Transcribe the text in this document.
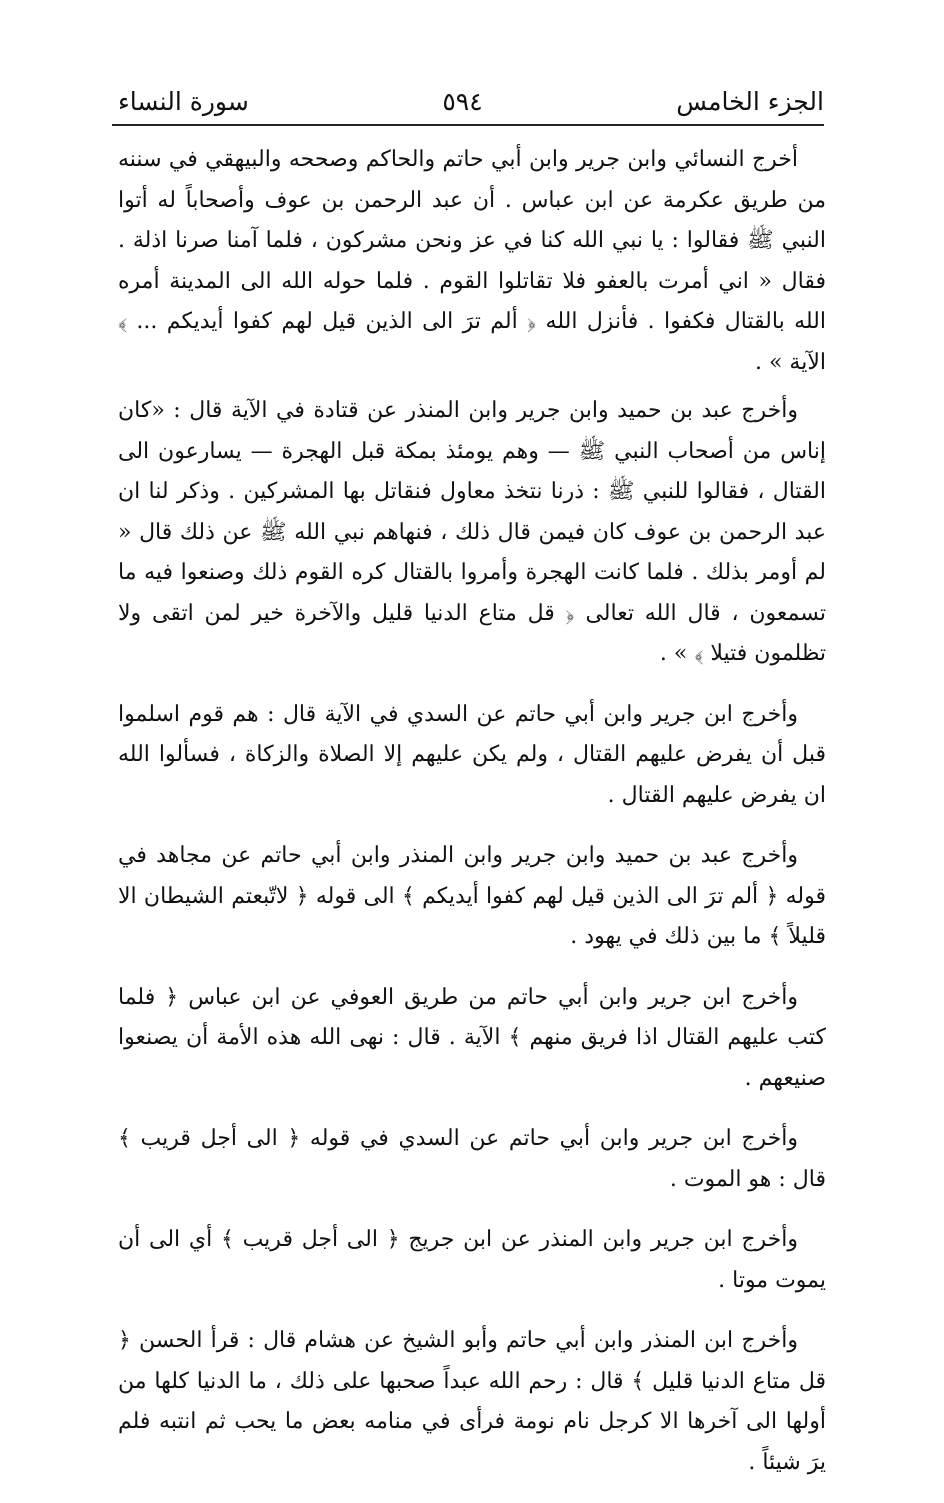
الجزء الخامس
٥٩٤
سورة النساء

أخرج النسائي وابن جرير وابن أبي حاتم والحاكم وصححه والبيهقي في سننه من طريق عكرمة عن ابن عباس . أن عبد الرحمن بن عوف وأصحاباً له أتوا النبي ﷺ فقالوا : يا نبي الله كنا في عز ونحن مشركون ، فلما آمنا صرنا اذلة . فقال « اني أمرت بالعفو فلا تقاتلوا القوم . فلما حوله الله الى المدينة أمره الله بالقتال فكفوا . فأنزل الله ﴿ ألم ترَ الى الذين قيل لهم كفوا أيديكم ... ﴾ الآية » .

وأخرج عبد بن حميد وابن جرير وابن المنذر عن قتادة في الآية قال : «كان إناس من أصحاب النبي ﷺ — وهم يومئذ بمكة قبل الهجرة — يسارعون الى القتال ، فقالوا للنبي ﷺ : ذرنا نتخذ معاول فنقاتل بها المشركين . وذكر لنا ان عبد الرحمن بن عوف كان فيمن قال ذلك ، فنهاهم نبي الله ﷺ عن ذلك قال « لم أومر بذلك . فلما كانت الهجرة وأمروا بالقتال كره القوم ذلك وصنعوا فيه ما تسمعون ، قال الله تعالى ﴿ قل متاع الدنيا قليل والآخرة خير لمن اتقى ولا تظلمون فتيلا ﴾ » .

وأخرج ابن جرير وابن أبي حاتم عن السدي في الآية قال : هم قوم اسلموا قبل أن يفرض عليهم القتال ، ولم يكن عليهم إلا الصلاة والزكاة ، فسألوا الله ان يفرض عليهم القتال .

وأخرج عبد بن حميد وابن جرير وابن المنذر وابن أبي حاتم عن مجاهد في قوله ﴿ ألم ترَ الى الذين قيل لهم كفوا أيديكم ﴾ الى قوله ﴿ لاتّبعتم الشيطان الا قليلاً ﴾ ما بين ذلك في يهود .

وأخرج ابن جرير وابن أبي حاتم من طريق العوفي عن ابن عباس ﴿ فلما كتب عليهم القتال اذا فريق منهم ﴾ الآية . قال : نهى الله هذه الأمة أن يصنعوا صنيعهم .

وأخرج ابن جرير وابن أبي حاتم عن السدي في قوله ﴿ الى أجل قريب ﴾ قال : هو الموت .

وأخرج ابن جرير وابن المنذر عن ابن جريج ﴿ الى أجل قريب ﴾ أي الى أن يموت موتا .

وأخرج ابن المنذر وابن أبي حاتم وأبو الشيخ عن هشام قال : قرأ الحسن ﴿ قل متاع الدنيا قليل ﴾ قال : رحم الله عبداً صحبها على ذلك ، ما الدنيا كلها من أولها الى آخرها الا كرجل نام نومة فرأى في منامه بعض ما يحب ثم انتبه فلم يرَ شيئاً .
